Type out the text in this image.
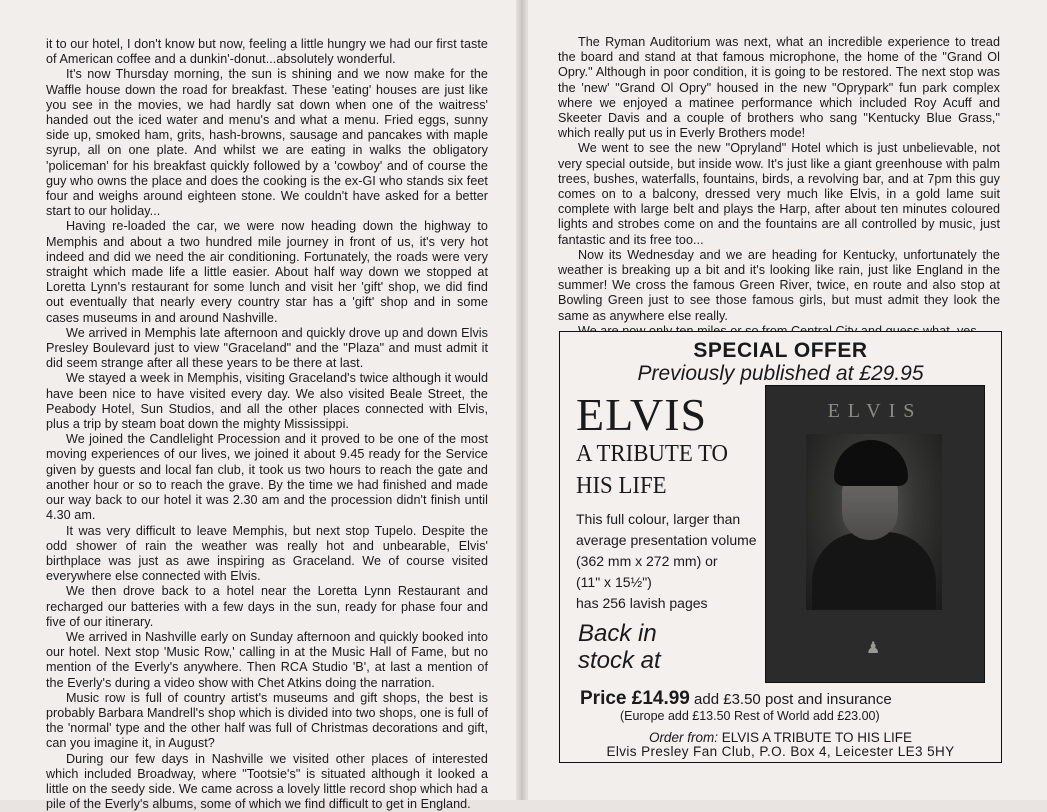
it to our hotel, I don't know but now, feeling a little hungry we had our first taste of American coffee and a dunkin'-donut...absolutely wonderful.

It's now Thursday morning, the sun is shining and we now make for the Waffle house down the road for breakfast. These 'eating' houses are just like you see in the movies, we had hardly sat down when one of the waitress' handed out the iced water and menu's and what a menu. Fried eggs, sunny side up, smoked ham, grits, hash-browns, sausage and pancakes with maple syrup, all on one plate. And whilst we are eating in walks the obligatory 'policeman' for his breakfast quickly followed by a 'cowboy' and of course the guy who owns the place and does the cooking is the ex-GI who stands six feet four and weighs around eighteen stone. We couldn't have asked for a better start to our holiday...

Having re-loaded the car, we were now heading down the highway to Memphis and about a two hundred mile journey in front of us, it's very hot indeed and did we need the air conditioning. Fortunately, the roads were very straight which made life a little easier. About half way down we stopped at Loretta Lynn's restaurant for some lunch and visit her 'gift' shop, we did find out eventually that nearly every country star has a 'gift' shop and in some cases museums in and around Nashville.

We arrived in Memphis late afternoon and quickly drove up and down Elvis Presley Boulevard just to view "Graceland" and the "Plaza" and must admit it did seem strange after all these years to be there at last.

We stayed a week in Memphis, visiting Graceland's twice although it would have been nice to have visited every day. We also visited Beale Street, the Peabody Hotel, Sun Studios, and all the other places connected with Elvis, plus a trip by steam boat down the mighty Mississippi.

We joined the Candlelight Procession and it proved to be one of the most moving experiences of our lives, we joined it about 9.45 ready for the Service given by guests and local fan club, it took us two hours to reach the gate and another hour or so to reach the grave. By the time we had finished and made our way back to our hotel it was 2.30 am and the procession didn't finish until 4.30 am.

It was very difficult to leave Memphis, but next stop Tupelo. Despite the odd shower of rain the weather was really hot and unbearable, Elvis' birthplace was just as awe inspiring as Graceland. We of course visited everywhere else connected with Elvis.

We then drove back to a hotel near the Loretta Lynn Restaurant and recharged our batteries with a few days in the sun, ready for phase four and five of our itinerary.

We arrived in Nashville early on Sunday afternoon and quickly booked into our hotel. Next stop 'Music Row,' calling in at the Music Hall of Fame, but no mention of the Everly's anywhere. Then RCA Studio 'B', at last a mention of the Everly's during a video show with Chet Atkins doing the narration.

Music row is full of country artist's museums and gift shops, the best is probably Barbara Mandrell's shop which is divided into two shops, one is full of the 'normal' type and the other half was full of Christmas decorations and gift, can you imagine it, in August?

During our few days in Nashville we visited other places of interested which included Broadway, where "Tootsie's" is situated although it looked a little on the seedy side. We came across a lovely little record shop which had a pile of the Everly's albums, some of which we find difficult to get in England.

The Ryman Auditorium was next, what an incredible experience to tread the board and stand at that famous microphone, the home of the "Grand Ol Opry." Although in poor condition, it is going to be restored. The next stop was the 'new' "Grand Ol Opry" housed in the new "Oprypark" fun park complex where we enjoyed a matinee performance which included Roy Acuff and Skeeter Davis and a couple of brothers who sang "Kentucky Blue Grass," which really put us in Everly Brothers mode!

We went to see the new "Opryland" Hotel which is just unbelievable, not very special outside, but inside wow. It's just like a giant greenhouse with palm trees, bushes, waterfalls, fountains, birds, a revolving bar, and at 7pm this guy comes on to a balcony, dressed very much like Elvis, in a gold lame suit complete with large belt and plays the Harp, after about ten minutes coloured lights and strobes come on and the fountains are all controlled by music, just fantastic and its free too...

Now its Wednesday and we are heading for Kentucky, unfortunately the weather is breaking up a bit and it's looking like rain, just like England in the summer! We cross the famous Green River, twice, en route and also stop at Bowling Green just to see those famous girls, but must admit they look the same as anywhere else really.

SPECIAL OFFER
Previously published at £29.95
ELVIS
A TRIBUTE TO
HIS LIFE
This full colour, larger than
average presentation volume
(362 mm x 272 mm) or
(11" x 15½")
has 256 lavish pages
Back in
stock at
ELVIS
♟
Price £14.99 add £3.50 post and insurance
(Europe add £13.50 Rest of World add £23.00)
Order from: ELVIS A TRIBUTE TO HIS LIFE
Elvis Presley Fan Club, P.O. Box 4, Leicester LE3 5HY
